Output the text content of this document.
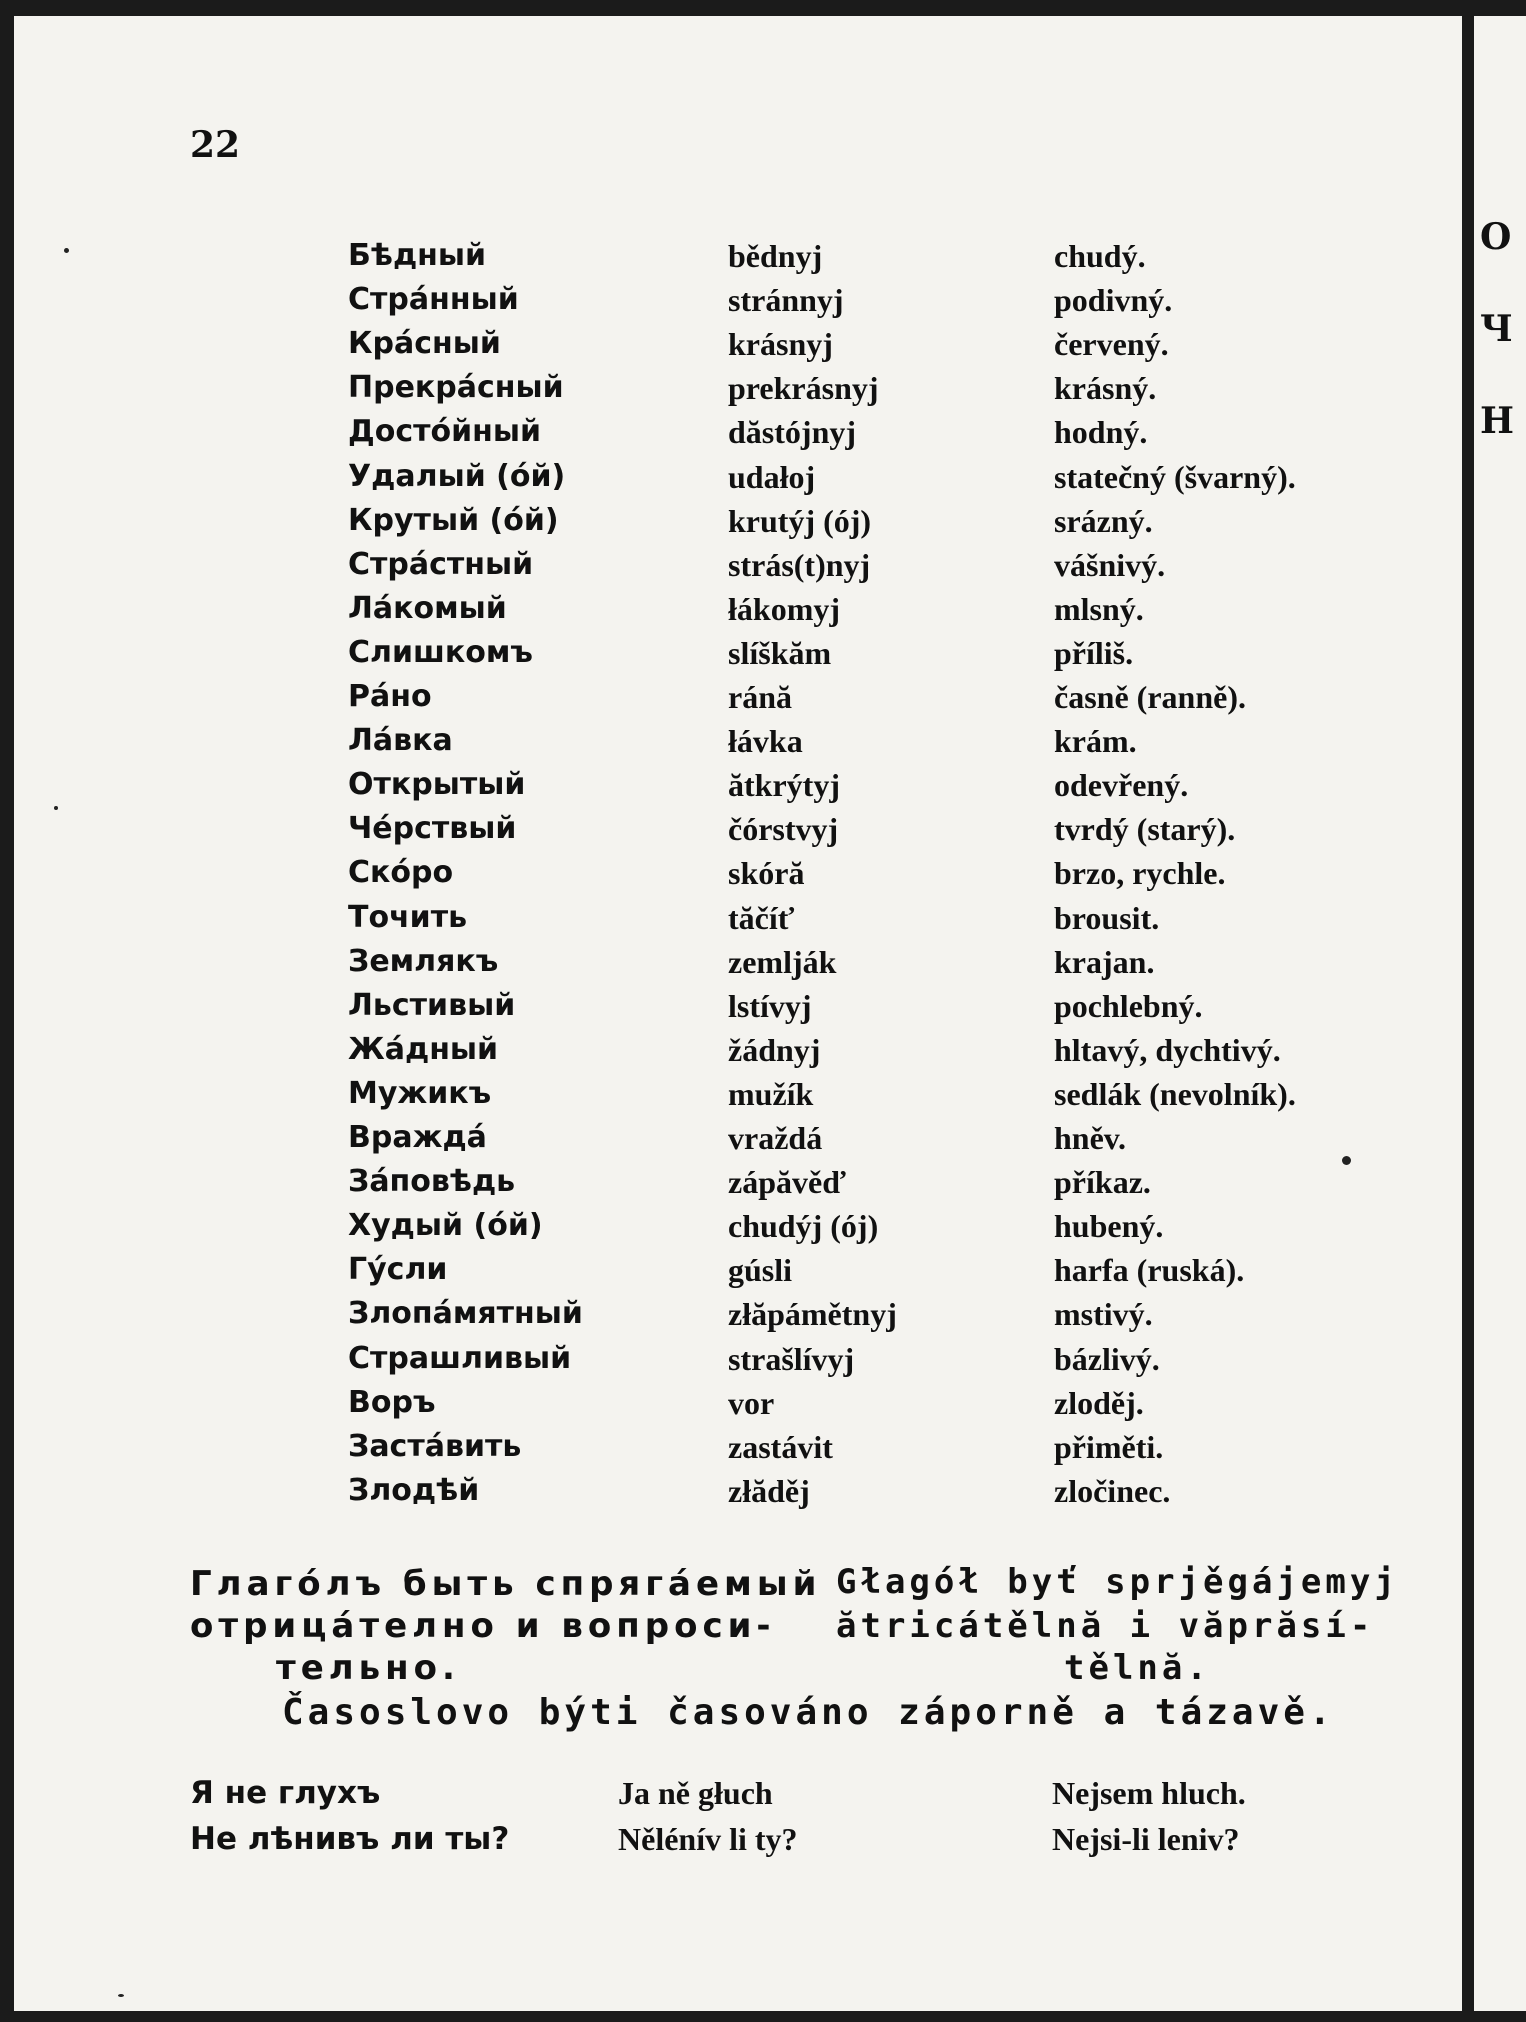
22
Бѣдный	bědnyj	chudý.
Стрáнный	stránnyj	podivný.
Крáсный	krásnyj	červený.
Прекрáсный	prekrásnyj	krásný.
Достóйный	dăstójnyj	hodný.
Удалый (óй)	udałoj	statečný (švarný).
Крутый (óй)	krutýj (ój)	srázný.
Стрáстный	strás(t)nyj	vášnivý.
Лáкомый	łákomyj	mlsný.
Слишкомъ	slíškăm	příliš.
Рáно	ránă	časně (ranně).
Лáвка	łávka	krám.
Открытый	ătkrýtyj	odevřený.
Чéрствый	čórstvyj	tvrdý (starý).
Скóро	skóră	brzo, rychle.
Точить	tăčíť	brousit.
Землякъ	zemlják	krajan.
Льстивый	lstívyj	pochlebný.
Жáдный	žádnyj	hltavý, dychtivý.
Мужикъ	mužík	sedlák (nevolník).
Враждá	vraždá	hněv.
Зáповѣдь	zápăvěď	příkaz.
Худый (óй)	chudýj (ój)	hubený.
Гýсли	gúsli	harfa (ruská).
Злопáмятный	złăpámětnyj	mstivý.
Страшливый	strašlívyj	bázlivý.
Воръ	vor	zloděj.
Застáвить	zastávit	přiměti.
Злодѣй	złăděj	zločinec.
Глагóлъ быть спрягáемый
отрицáтелно и вопроси-
тельно.
Głagół byť sprjěgájemyj
ătricátělnă i văprăsí-
tělnă.
Časoslovo býti časováno záporně a tázavě.
Я не глухъ	Ja ně głuch	Nejsem hluch.
Не лѣнивъ ли ты?	Nělénív li ty?	Nejsi-li leniv?
О
Ч
Н
